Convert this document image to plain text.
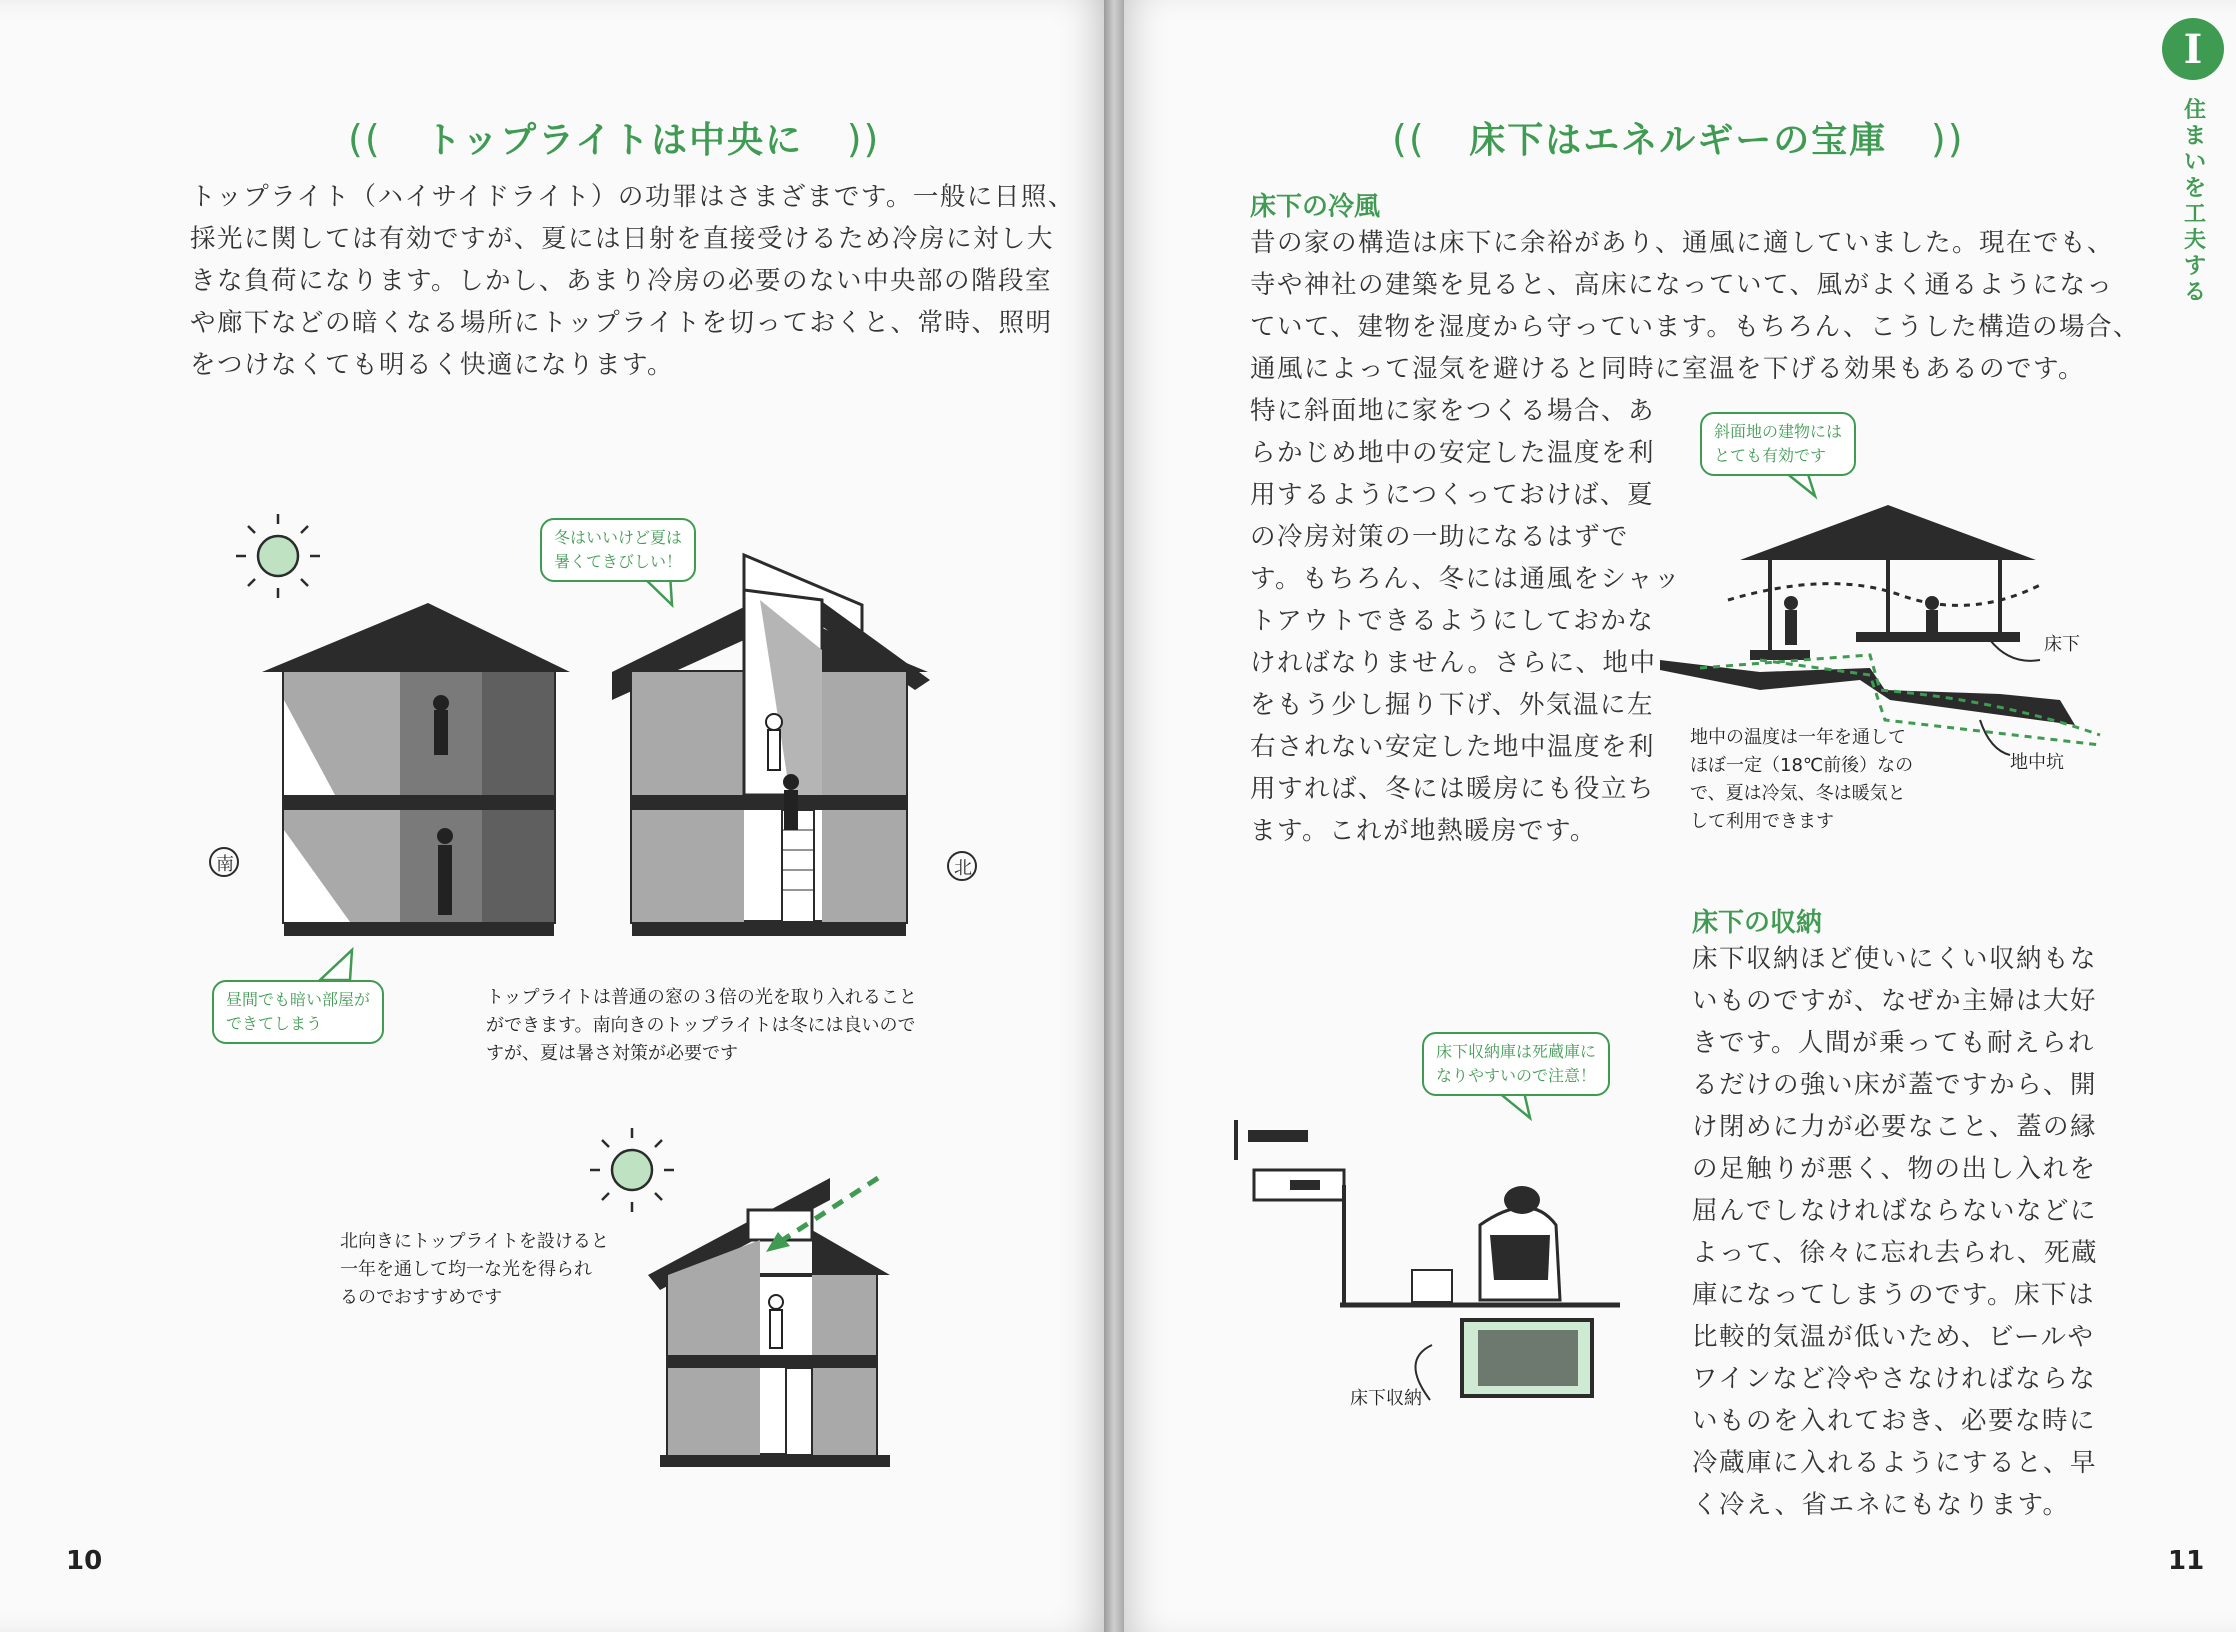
(( トップライトは中央に ))
トップライト（ハイサイドライト）の功罪はさまざまです。一般に日照、
採光に関しては有効ですが、夏には日射を直接受けるため冷房に対し大
きな負荷になります。しかし、あまり冷房の必要のない中央部の階段室
や廊下などの暗くなる場所にトップライトを切っておくと、常時、照明
をつけなくても明るく快適になります。
南	北
冬はいいけど夏は
暑くてきびしい！
昼間でも暗い部屋が
できてしまう
トップライトは普通の窓の３倍の光を取り入れること
ができます。南向きのトップライトは冬には良いので
すが、夏は暑さ対策が必要です
北向きにトップライトを設けると
一年を通して均一な光を得られ
るのでおすすめです
10
(( 床下はエネルギーの宝庫 ))
床下の冷風
昔の家の構造は床下に余裕があり、通風に適していました。現在でも、
寺や神社の建築を見ると、高床になっていて、風がよく通るようになっ
ていて、建物を湿度から守っています。もちろん、こうした構造の場合、
通風によって湿気を避けると同時に室温を下げる効果もあるのです。
特に斜面地に家をつくる場合、あ
らかじめ地中の安定した温度を利
用するようにつくっておけば、夏
の冷房対策の一助になるはずで
す。もちろん、冬には通風をシャッ
トアウトできるようにしておかな
ければなりません。さらに、地中
をもう少し掘り下げ、外気温に左
右されない安定した地中温度を利
用すれば、冬には暖房にも役立ち
ます。これが地熱暖房です。
斜面地の建物には
とても有効です
床下
地中坑
地中の温度は一年を通して
ほぼ一定（18℃前後）なの
で、夏は冷気、冬は暖気と
して利用できます
床下の収納
床下収納ほど使いにくい収納もな
いものですが、なぜか主婦は大好
きです。人間が乗っても耐えられ
るだけの強い床が蓋ですから、開
け閉めに力が必要なこと、蓋の縁
の足触りが悪く、物の出し入れを
屈んでしなければならないなどに
よって、徐々に忘れ去られ、死蔵
庫になってしまうのです。床下は
比較的気温が低いため、ビールや
ワインなど冷やさなければならな
いものを入れておき、必要な時に
冷蔵庫に入れるようにすると、早
く冷え、省エネにもなります。
床下収納庫は死蔵庫に
なりやすいので注意！
床下収納
11
I
住
ま
い
を
工
夫
す
る
